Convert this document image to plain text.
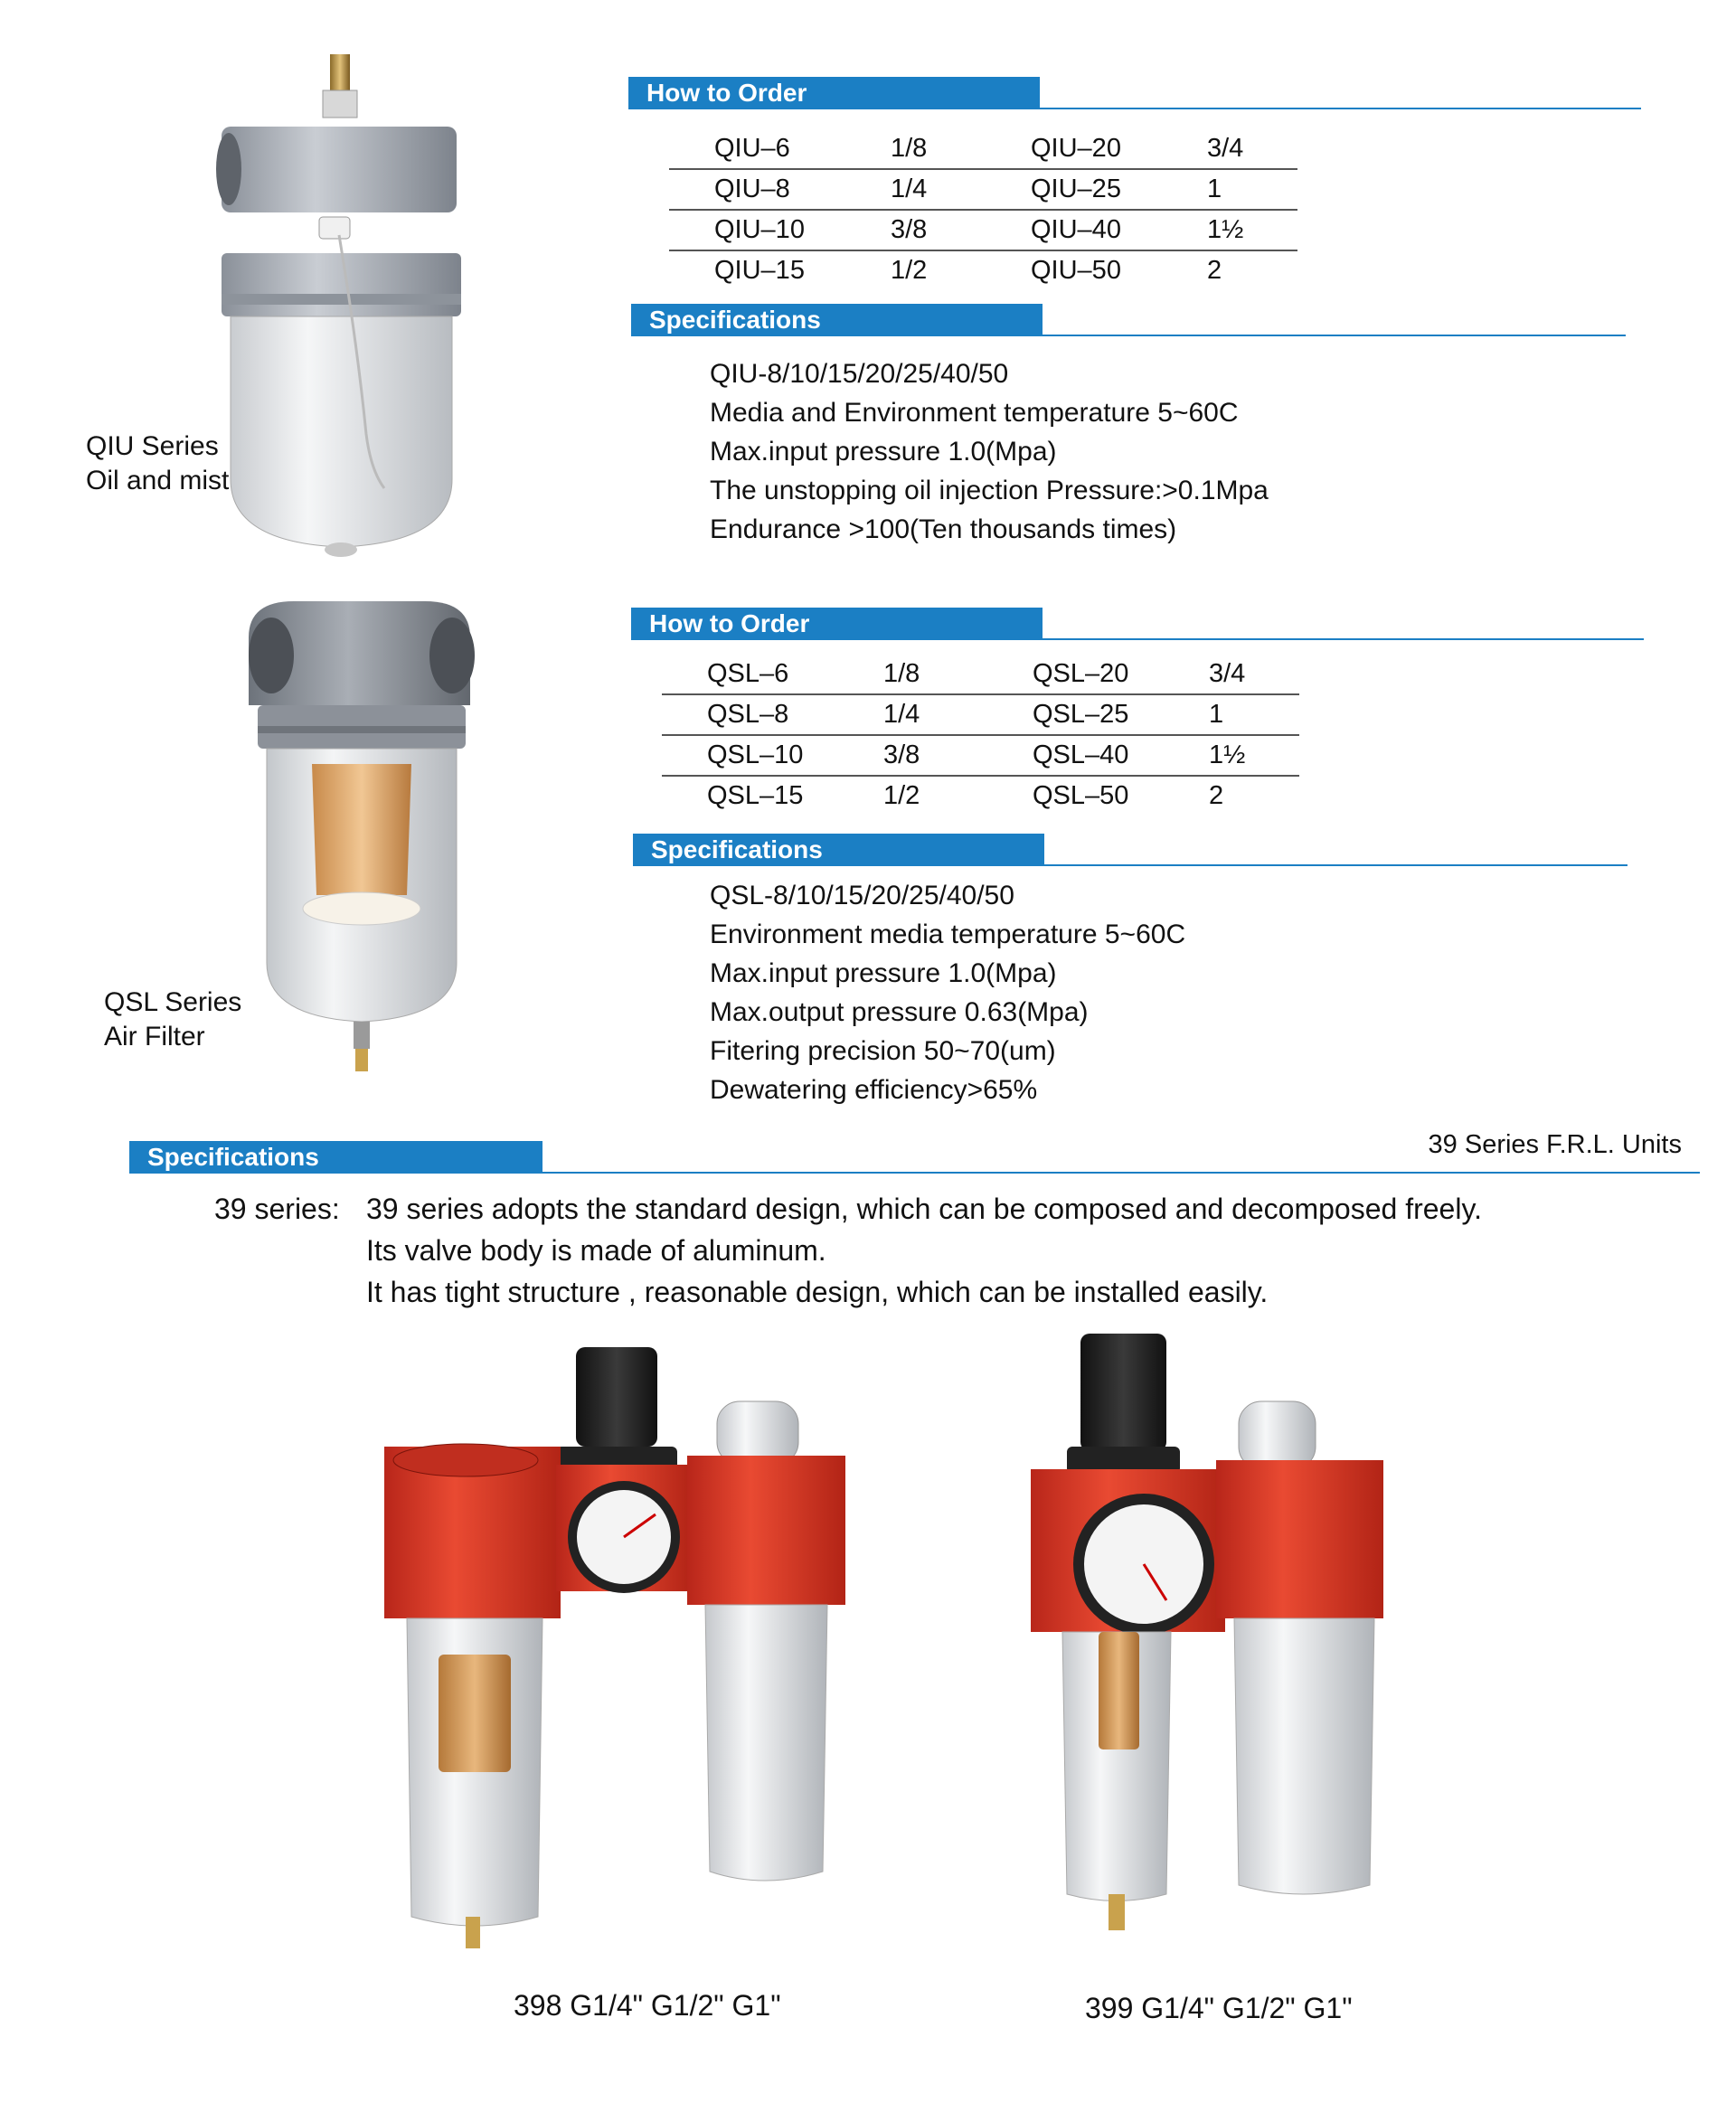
QIU Series
Oil and mist
How to Order
QIU–6	1/8	QIU–20	3/4
QIU–8	1/4	QIU–25	1
QIU–10	3/8	QIU–40	1½
QIU–15	1/2	QIU–50	2
Specifications
QIU-8/10/15/20/25/40/50
Media and Environment temperature 5~60C
Max.input pressure 1.0(Mpa)
The unstopping oil injection Pressure:>0.1Mpa
Endurance >100(Ten thousands times)
QSL Series
Air Filter
How to Order
QSL–6	1/8	QSL–20	3/4
QSL–8	1/4	QSL–25	1
QSL–10	3/8	QSL–40	1½
QSL–15	1/2	QSL–50	2
Specifications
QSL-8/10/15/20/25/40/50
Environment media temperature 5~60C
Max.input pressure 1.0(Mpa)
Max.output pressure 0.63(Mpa)
Fitering precision 50~70(um)
Dewatering efficiency>65%
Specifications	39 Series F.R.L. Units
39 series: 39 series adopts the standard design, which can be composed and decomposed freely.
Its valve body is made of aluminum.
It has tight structure , reasonable design, which can be installed easily.
398 G1/4" G1/2" G1"	399 G1/4" G1/2" G1"
